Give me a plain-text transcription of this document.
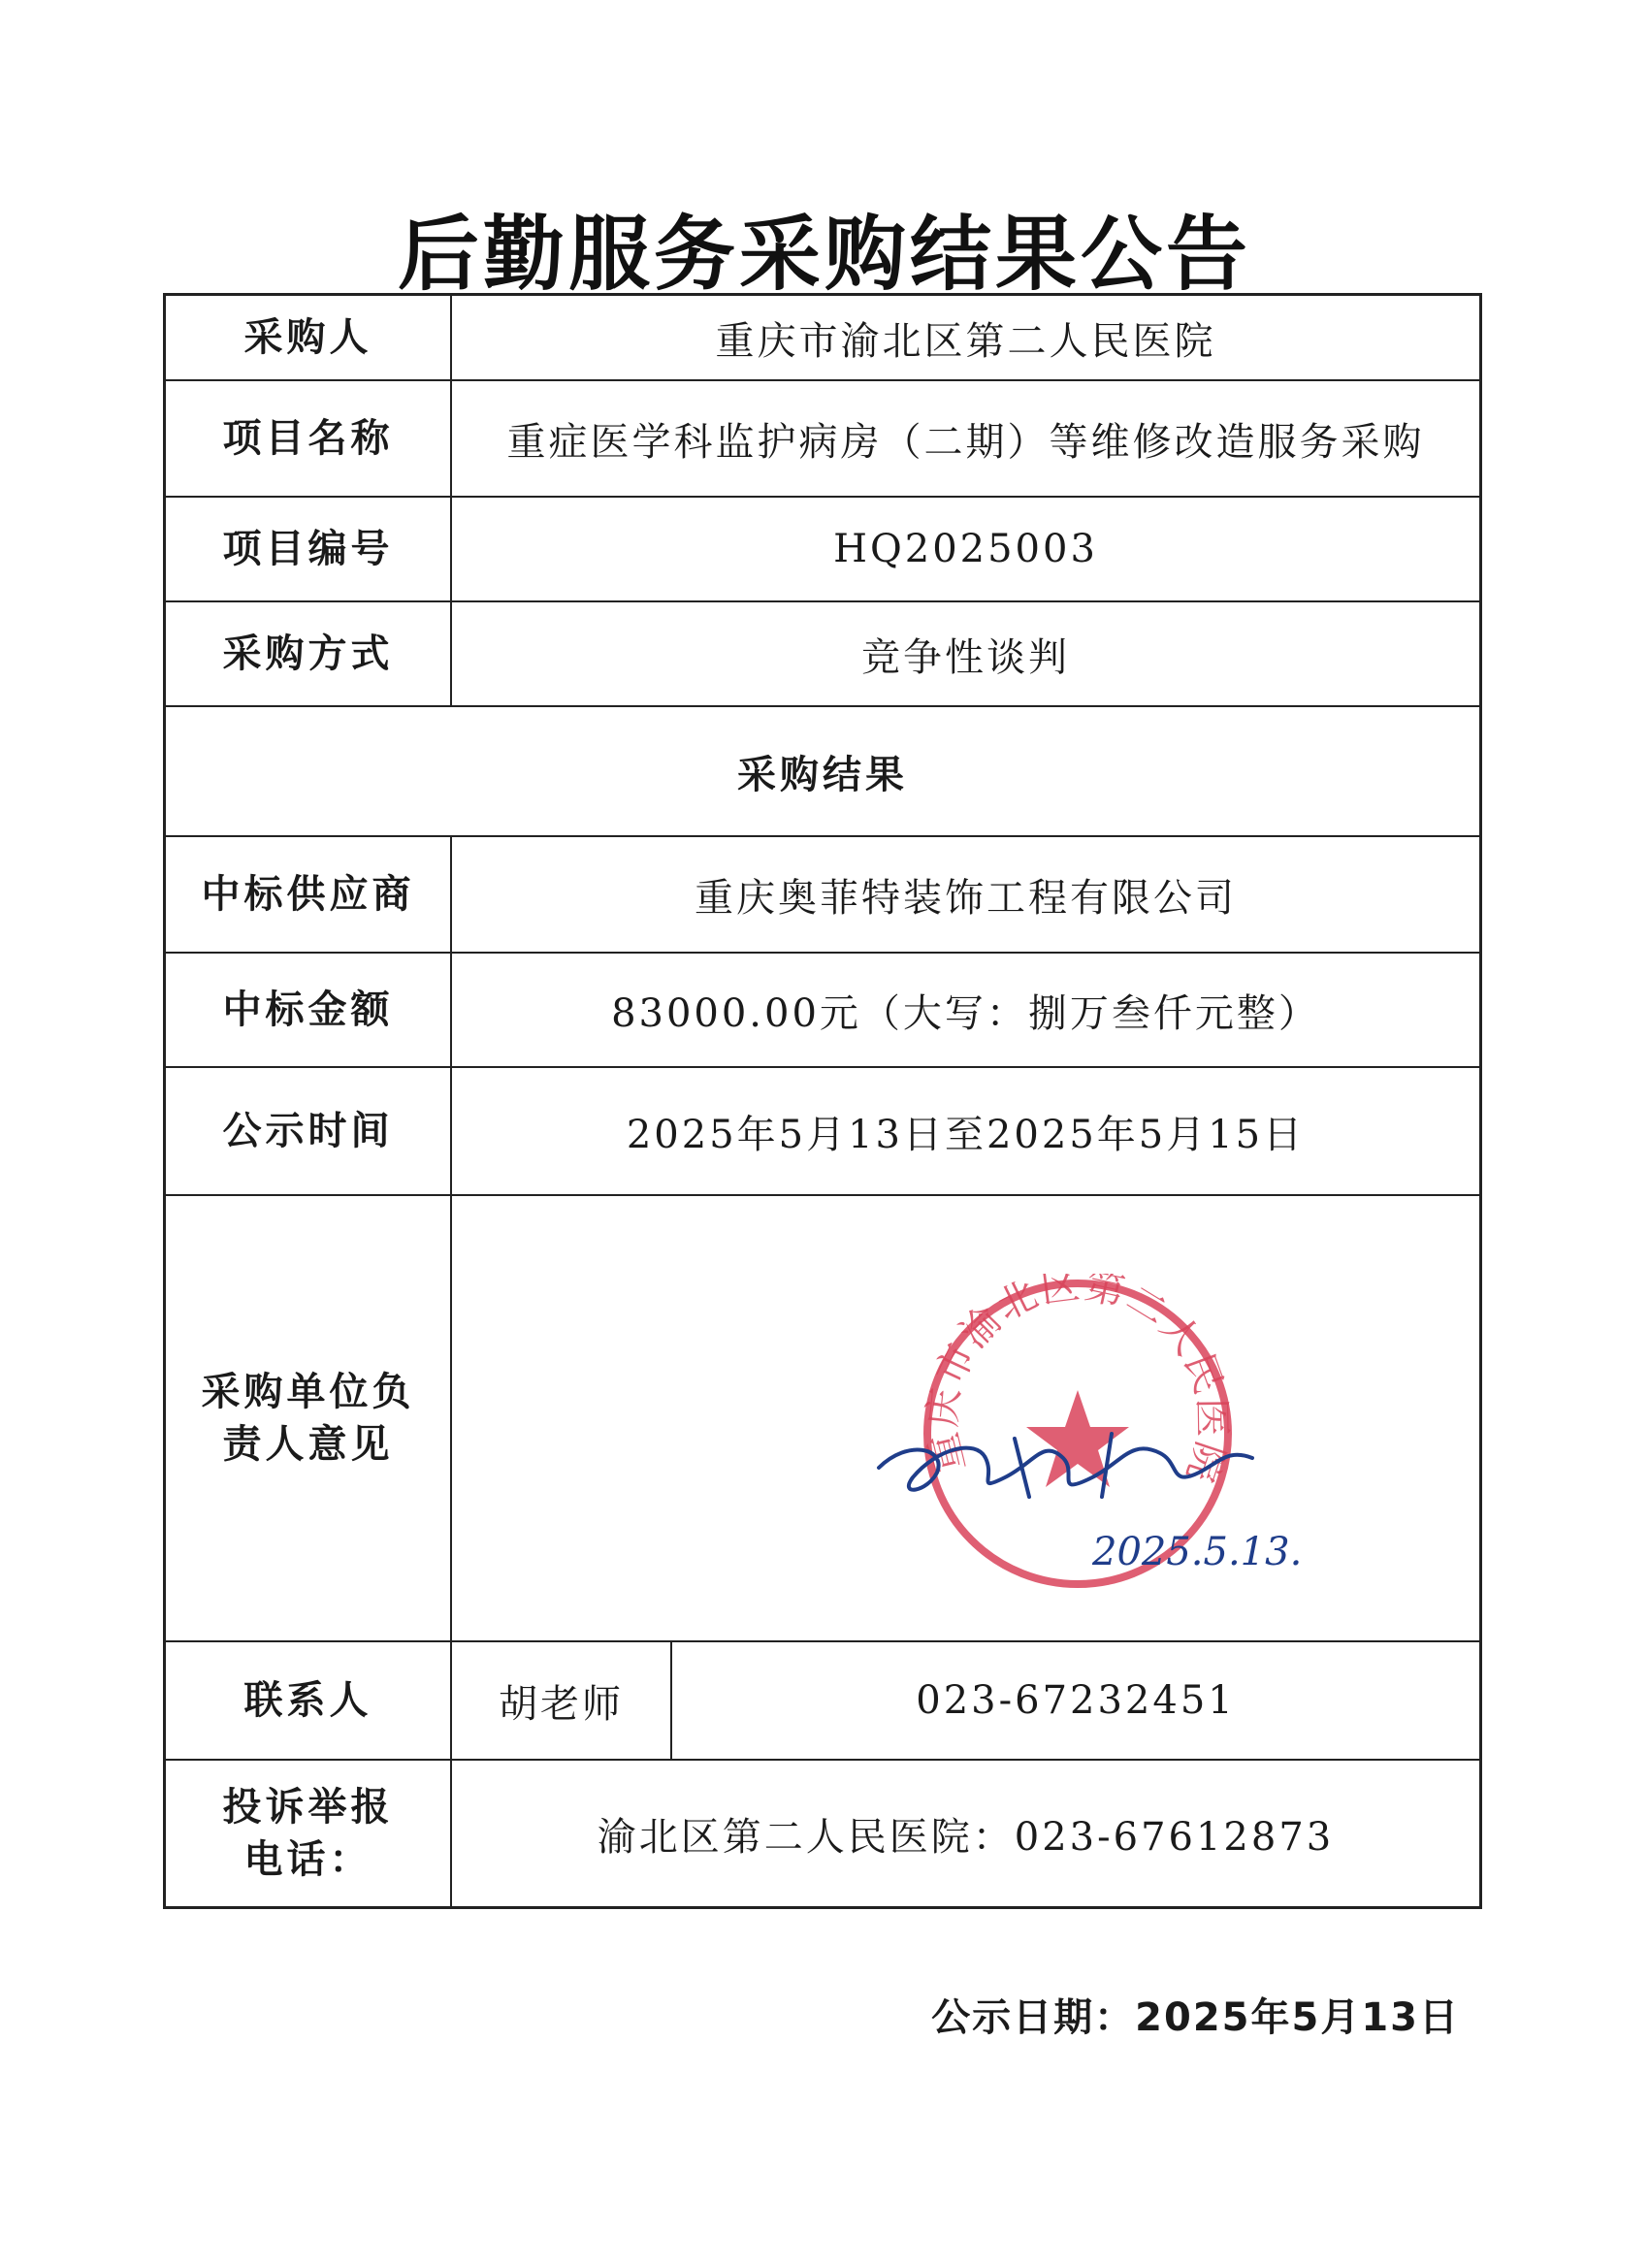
后勤服务采购结果公告
采购人	重庆市渝北区第二人民医院
项目名称	重症医学科监护病房（二期）等维修改造服务采购
项目编号	HQ2025003
采购方式	竞争性谈判
采购结果
中标供应商	重庆奥菲特装饰工程有限公司
中标金额	83000.00元（大写：捌万叁仟元整）
公示时间	2025年5月13日至2025年5月15日
采购单位负责人意见	重庆市渝北区第二人民医院
2025.5.13.
联系人	胡老师	023-67232451
投诉举报电话：
渝北区第二人民医院：023-67612873
公示日期：2025年5月13日
